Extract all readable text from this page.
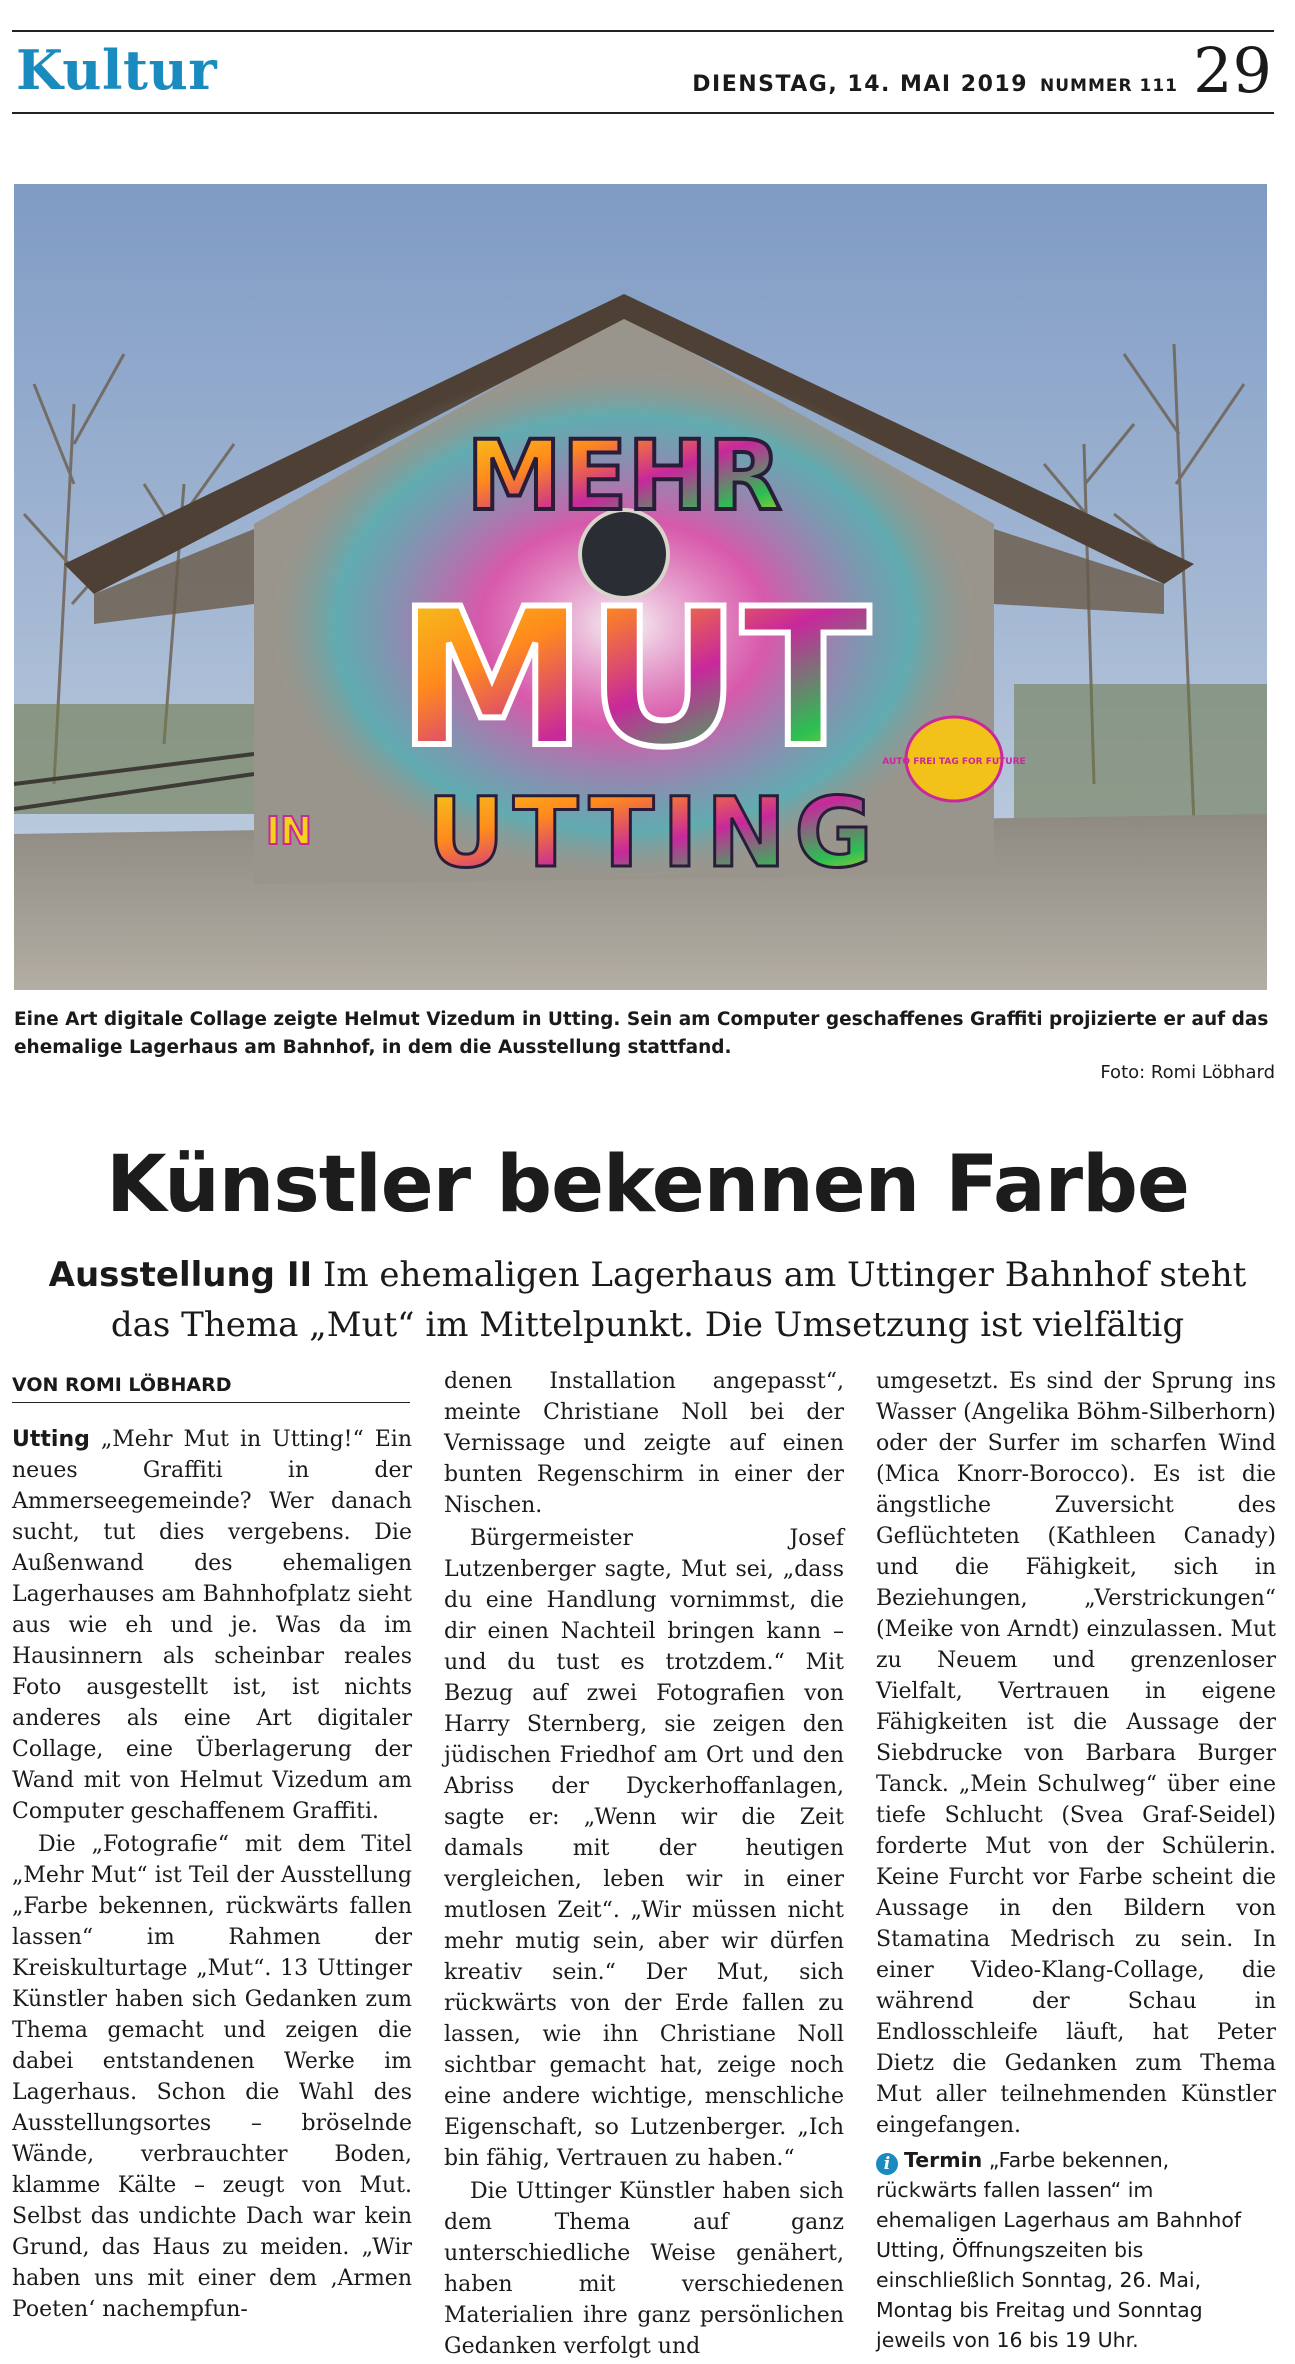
Kultur	DIENSTAG, 14. MAI 2019 NUMMER 111 29
MEHR
MUT
IN UTTING
AUTO FREI TAG FOR FUTURE
Eine Art digitale Collage zeigte Helmut Vizedum in Utting. Sein am Computer geschaffenes Graffiti projizierte er auf das ehemalige Lagerhaus am Bahnhof, in dem die Ausstellung stattfand.
Foto: Romi Löbhard
Künstler bekennen Farbe
Ausstellung II Im ehemaligen Lagerhaus am Uttinger Bahnhof steht das Thema „Mut“ im Mittelpunkt. Die Umsetzung ist vielfältig
VON ROMI LÖBHARD

Utting „Mehr Mut in Utting!“ Ein neues Graffiti in der Ammerseegemeinde? Wer danach sucht, tut dies vergebens. Die Außenwand des ehemaligen Lagerhauses am Bahnhofplatz sieht aus wie eh und je. Was da im Hausinnern als scheinbar reales Foto ausgestellt ist, ist nichts anderes als eine Art digitaler Collage, eine Überlagerung der Wand mit von Helmut Vizedum am Computer geschaffenem Graffiti.

Die „Fotografie“ mit dem Titel „Mehr Mut“ ist Teil der Ausstellung „Farbe bekennen, rückwärts fallen lassen“ im Rahmen der Kreiskulturtage „Mut“. 13 Uttinger Künstler haben sich Gedanken zum Thema gemacht und zeigen die dabei entstandenen Werke im Lagerhaus. Schon die Wahl des Ausstellungsortes – bröselnde Wände, verbrauchter Boden, klamme Kälte – zeugt von Mut. Selbst das undichte Dach war kein Grund, das Haus zu meiden. „Wir haben uns mit einer dem ‚Armen Poeten‘ nachempfun-

denen Installation angepasst“, meinte Christiane Noll bei der Vernissage und zeigte auf einen bunten Regenschirm in einer der Nischen.

Bürgermeister Josef Lutzenberger sagte, Mut sei, „dass du eine Handlung vornimmst, die dir einen Nachteil bringen kann – und du tust es trotzdem.“ Mit Bezug auf zwei Fotografien von Harry Sternberg, sie zeigen den jüdischen Friedhof am Ort und den Abriss der Dyckerhoffanlagen, sagte er: „Wenn wir die Zeit damals mit der heutigen vergleichen, leben wir in einer mutlosen Zeit“. „Wir müssen nicht mehr mutig sein, aber wir dürfen kreativ sein.“ Der Mut, sich rückwärts von der Erde fallen zu lassen, wie ihn Christiane Noll sichtbar gemacht hat, zeige noch eine andere wichtige, menschliche Eigenschaft, so Lutzenberger. „Ich bin fähig, Vertrauen zu haben.“

Die Uttinger Künstler haben sich dem Thema auf ganz unterschiedliche Weise genähert, haben mit verschiedenen Materialien ihre ganz persönlichen Gedanken verfolgt und

umgesetzt. Es sind der Sprung ins Wasser (Angelika Böhm-Silberhorn) oder der Surfer im scharfen Wind (Mica Knorr-Borocco). Es ist die ängstliche Zuversicht des Geflüchteten (Kathleen Canady) und die Fähigkeit, sich in Beziehungen, „Verstrickungen“ (Meike von Arndt) einzulassen. Mut zu Neuem und grenzenloser Vielfalt, Vertrauen in eigene Fähigkeiten ist die Aussage der Siebdrucke von Barbara Burger Tanck. „Mein Schulweg“ über eine tiefe Schlucht (Svea Graf-Seidel) forderte Mut von der Schülerin. Keine Furcht vor Farbe scheint die Aussage in den Bildern von Stamatina Medrisch zu sein. In einer Video-Klang-Collage, die während der Schau in Endlosschleife läuft, hat Peter Dietz die Gedanken zum Thema Mut aller teilnehmenden Künstler eingefangen.

i Termin „Farbe bekennen, rückwärts fallen lassen“ im ehemaligen Lagerhaus am Bahnhof Utting, Öffnungszeiten bis einschließlich Sonntag, 26. Mai, Montag bis Freitag und Sonntag jeweils von 16 bis 19 Uhr.
